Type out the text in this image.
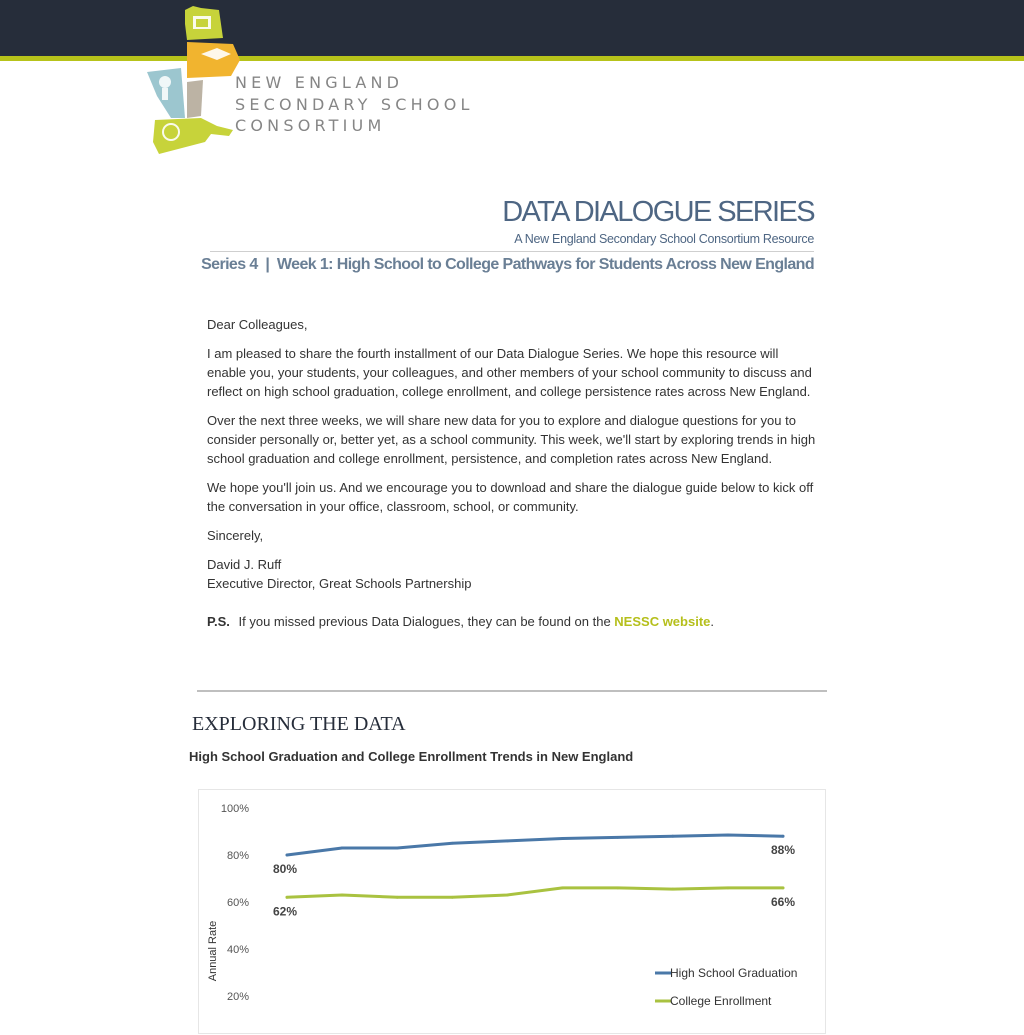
NEW ENGLAND
SECONDARY SCHOOL
CONSORTIUM
DATA DIALOGUE SERIES
A New England Secondary School Consortium Resource
Series 4  |  Week 1: High School to College Pathways for Students Across New England

Dear Colleagues,

I am pleased to share the fourth installment of our Data Dialogue Series. We hope this resource will enable you, your students, your colleagues, and other members of your school community to discuss and reflect on high school graduation, college enrollment, and college persistence rates across New England.

Over the next three weeks, we will share new data for you to explore and dialogue questions for you to consider personally or, better yet, as a school community. This week, we'll start by exploring trends in high school graduation and college enrollment, persistence, and completion rates across New England.

We hope you'll join us. And we encourage you to download and share the dialogue guide below to kick off the conversation in your office, classroom, school, or community.

Sincerely,

David J. Ruff
Executive Director, Great Schools Partnership

P.S. If you missed previous Data Dialogues, they can be found on the NESSC website.

EXPLORING THE DATA
High School Graduation and College Enrollment Trends in New England
100%
80%
60%
40%
20%
Annual Rate
80%
88%
62%
66%
High School Graduation
College Enrollment
